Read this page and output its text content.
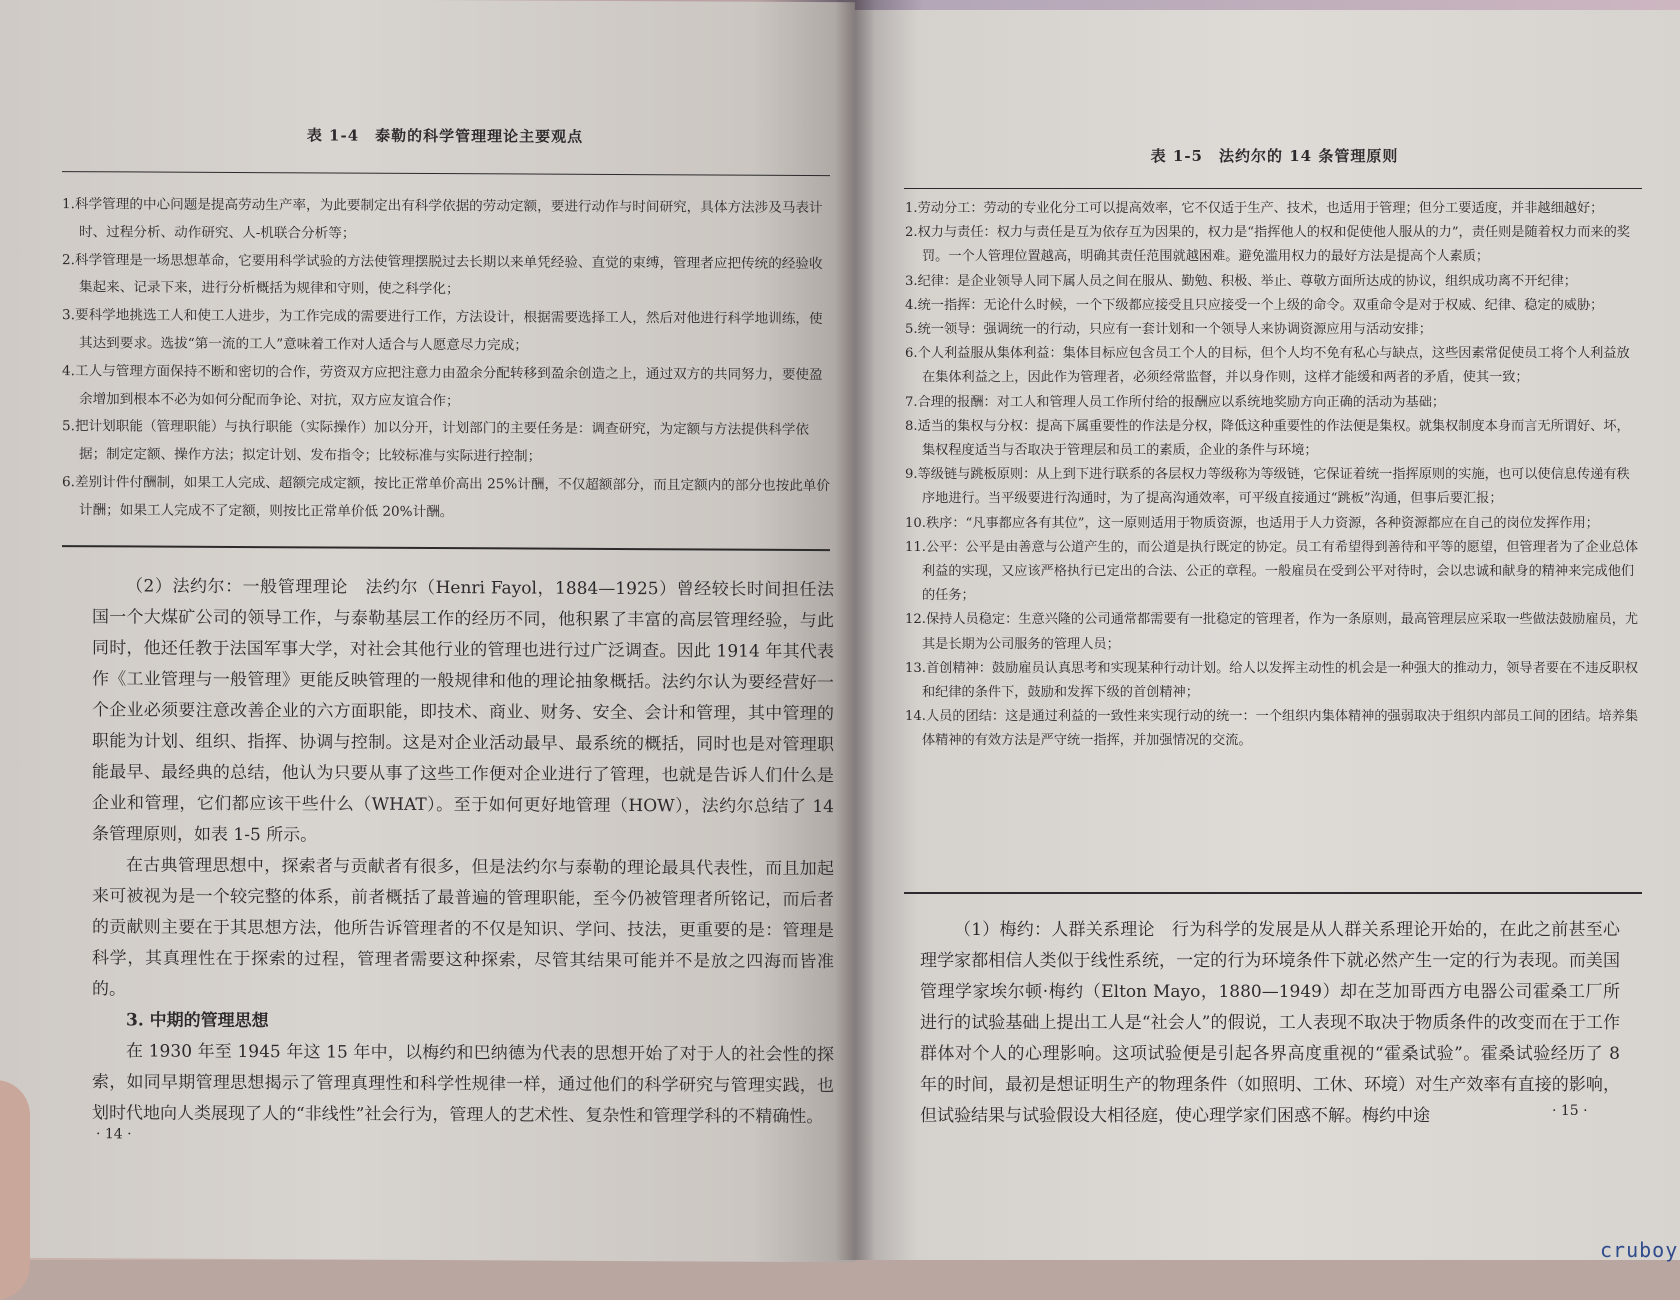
表 1-4　泰勒的科学管理理论主要观点
1.科学管理的中心问题是提高劳动生产率，为此要制定出有科学依据的劳动定额，要进行动作与时间研究，具体方法涉及马表计时、过程分析、动作研究、人-机联合分析等；
2.科学管理是一场思想革命，它要用科学试验的方法使管理摆脱过去长期以来单凭经验、直觉的束缚，管理者应把传统的经验收集起来、记录下来，进行分析概括为规律和守则，使之科学化；
3.要科学地挑选工人和使工人进步，为工作完成的需要进行工作，方法设计，根据需要选择工人，然后对他进行科学地训练，使其达到要求。选拔“第一流的工人”意味着工作对人适合与人愿意尽力完成；
4.工人与管理方面保持不断和密切的合作，劳资双方应把注意力由盈余分配转移到盈余创造之上，通过双方的共同努力，要使盈余增加到根本不必为如何分配而争论、对抗，双方应友谊合作；
5.把计划职能（管理职能）与执行职能（实际操作）加以分开，计划部门的主要任务是：调查研究，为定额与方法提供科学依据；制定定额、操作方法；拟定计划、发布指令；比较标准与实际进行控制；
6.差别计件付酬制，如果工人完成、超额完成定额，按比正常单价高出 25%计酬，不仅超额部分，而且定额内的部分也按此单价计酬；如果工人完成不了定额，则按比正常单价低 20%计酬。

（2）法约尔：一般管理理论　法约尔（Henri Fayol，1884—1925）曾经较长时间担任法国一个大煤矿公司的领导工作，与泰勒基层工作的经历不同，他积累了丰富的高层管理经验，与此同时，他还任教于法国军事大学，对社会其他行业的管理也进行过广泛调查。因此 1914 年其代表作《工业管理与一般管理》更能反映管理的一般规律和他的理论抽象概括。法约尔认为要经营好一个企业必须要注意改善企业的六方面职能，即技术、商业、财务、安全、会计和管理，其中管理的职能为计划、组织、指挥、协调与控制。这是对企业活动最早、最系统的概括，同时也是对管理职能最早、最经典的总结，他认为只要从事了这些工作便对企业进行了管理，也就是告诉人们什么是企业和管理，它们都应该干些什么（WHAT）。至于如何更好地管理（HOW），法约尔总结了 14 条管理原则，如表 1-5 所示。

在古典管理思想中，探索者与贡献者有很多，但是法约尔与泰勒的理论最具代表性，而且加起来可被视为是一个较完整的体系，前者概括了最普遍的管理职能，至今仍被管理者所铭记，而后者的贡献则主要在于其思想方法，他所告诉管理者的不仅是知识、学问、技法，更重要的是：管理是科学，其真理性在于探索的过程，管理者需要这种探索，尽管其结果可能并不是放之四海而皆准的。

3. 中期的管理思想

在 1930 年至 1945 年这 15 年中，以梅约和巴纳德为代表的思想开始了对于人的社会性的探索，如同早期管理思想揭示了管理真理性和科学性规律一样，通过他们的科学研究与管理实践，也划时代地向人类展现了人的“非线性”社会行为，管理人的艺术性、复杂性和管理学科的不精确性。

· 14 ·
表 1-5　法约尔的 14 条管理原则
· 15 ·
1.劳动分工：劳动的专业化分工可以提高效率，它不仅适于生产、技术，也适用于管理；但分工要适度，并非越细越好；
2.权力与责任：权力与责任是互为依存互为因果的，权力是“指挥他人的权和促使他人服从的力”，责任则是随着权力而来的奖罚。一个人管理位置越高，明确其责任范围就越困难。避免滥用权力的最好方法是提高个人素质；
3.纪律：是企业领导人同下属人员之间在服从、勤勉、积极、举止、尊敬方面所达成的协议，组织成功离不开纪律；
4.统一指挥：无论什么时候，一个下级都应接受且只应接受一个上级的命令。双重命令是对于权威、纪律、稳定的威胁；
5.统一领导：强调统一的行动，只应有一套计划和一个领导人来协调资源应用与活动安排；
6.个人利益服从集体利益：集体目标应包含员工个人的目标，但个人均不免有私心与缺点，这些因素常促使员工将个人利益放在集体利益之上，因此作为管理者，必须经常监督，并以身作则，这样才能缓和两者的矛盾，使其一致；
7.合理的报酬：对工人和管理人员工作所付给的报酬应以系统地奖励方向正确的活动为基础；
8.适当的集权与分权：提高下属重要性的作法是分权，降低这种重要性的作法便是集权。就集权制度本身而言无所谓好、坏，集权程度适当与否取决于管理层和员工的素质，企业的条件与环境；
9.等级链与跳板原则：从上到下进行联系的各层权力等级称为等级链，它保证着统一指挥原则的实施，也可以使信息传递有秩序地进行。当平级要进行沟通时，为了提高沟通效率，可平级直接通过“跳板”沟通，但事后要汇报；
10.秩序：“凡事都应各有其位”，这一原则适用于物质资源，也适用于人力资源，各种资源都应在自己的岗位发挥作用；
11.公平：公平是由善意与公道产生的，而公道是执行既定的协定。员工有希望得到善待和平等的愿望，但管理者为了企业总体利益的实现，又应该严格执行已定出的合法、公正的章程。一般雇员在受到公平对待时，会以忠诚和献身的精神来完成他们的任务；
12.保持人员稳定：生意兴隆的公司通常都需要有一批稳定的管理者，作为一条原则，最高管理层应采取一些做法鼓励雇员，尤其是长期为公司服务的管理人员；
13.首创精神：鼓励雇员认真思考和实现某种行动计划。给人以发挥主动性的机会是一种强大的推动力，领导者要在不违反职权和纪律的条件下，鼓励和发挥下级的首创精神；
14.人员的团结：这是通过利益的一致性来实现行动的统一：一个组织内集体精神的强弱取决于组织内部员工间的团结。培养集体精神的有效方法是严守统一指挥，并加强情况的交流。

（1）梅约：人群关系理论　行为科学的发展是从人群关系理论开始的，在此之前甚至心理学家都相信人类似于线性系统，一定的行为环境条件下就必然产生一定的行为表现。而美国管理学家埃尔顿·梅约（Elton Mayo，1880—1949）却在芝加哥西方电器公司霍桑工厂所进行的试验基础上提出工人是“社会人”的假说，工人表现不取决于物质条件的改变而在于工作群体对个人的心理影响。这项试验便是引起各界高度重视的“霍桑试验”。霍桑试验经历了 8 年的时间，最初是想证明生产的物理条件（如照明、工休、环境）对生产效率有直接的影响，但试验结果与试验假设大相径庭，使心理学家们困惑不解。梅约中途

cruboy
